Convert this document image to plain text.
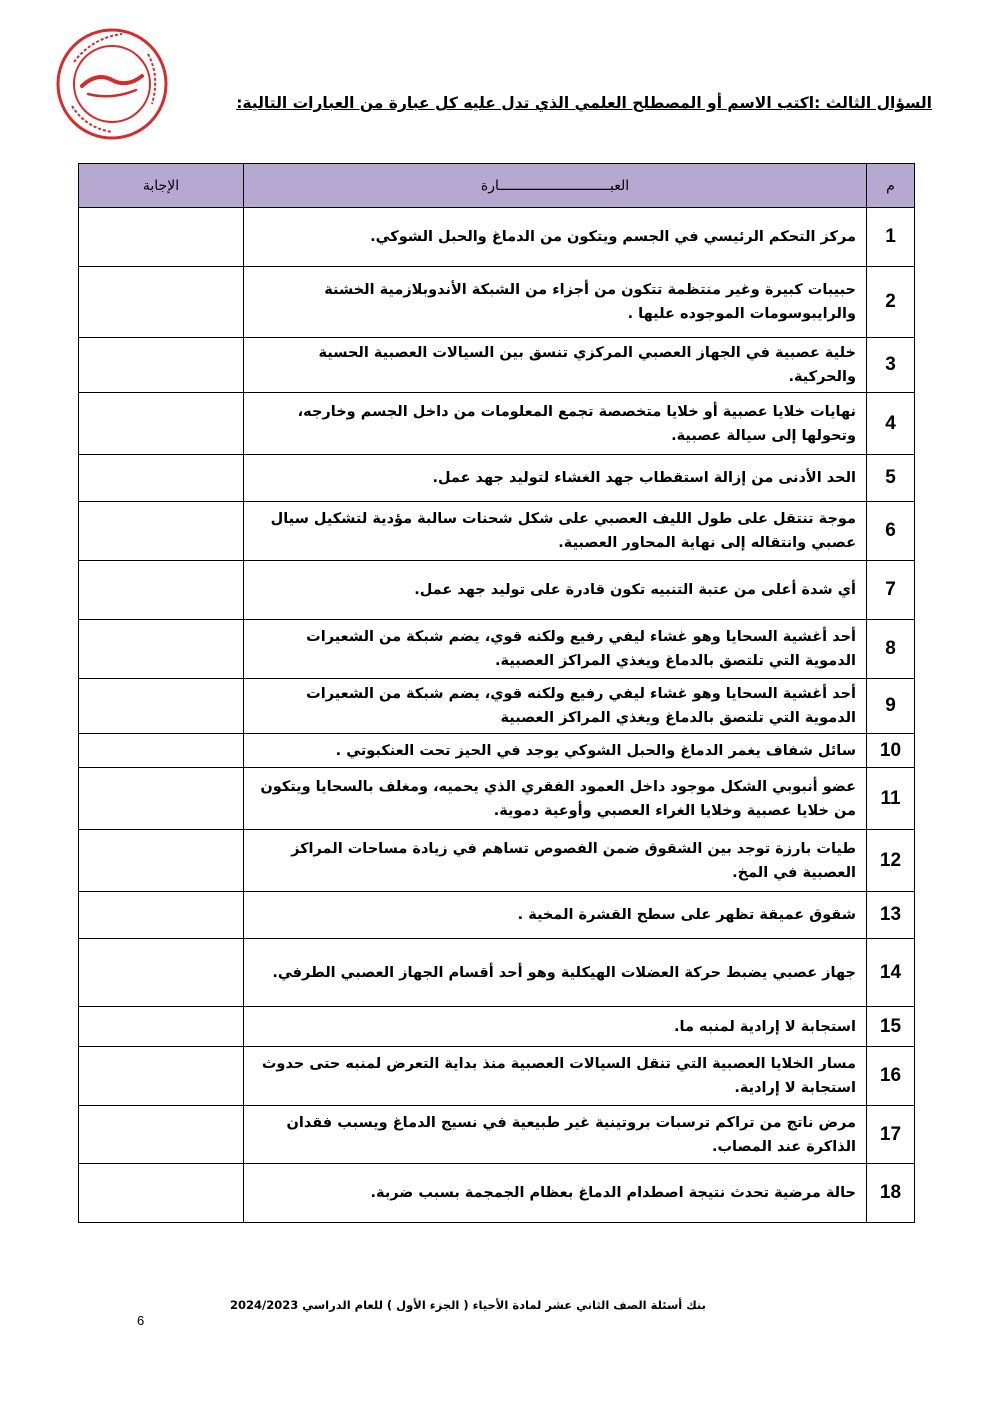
السؤال الثالث :اكتب الاسم أو المصطلح العلمي الذي تدل عليه كل عبارة من العبارات التالية:
م	العبـــــــــــــــــــــــــــارة	الإجابة
1	مركز التحكم الرئيسي في الجسم ويتكون من الدماغ والحبل الشوكي.	
2	حبيبات كبيرة وغير منتظمة تتكون من أجزاء من الشبكة الأندوبلازمية الخشنة والرايبوسومات الموجوده عليها .	
3	خلية عصبية في الجهاز العصبي المركزي تنسق بين السيالات العصبية الحسية والحركية.	
4	نهايات خلايا عصبية أو خلايا متخصصة تجمع المعلومات من داخل الجسم وخارجه، وتحولها إلى سيالة عصبية.	
5	الحد الأدنى من إزالة استقطاب جهد الغشاء لتوليد جهد عمل.	
6	موجة تنتقل على طول الليف العصبي على شكل شحنات سالبة مؤدية لتشكيل سيال عصبي وانتقاله إلى نهاية المحاور العصبية.	
7	أي شدة أعلى من عتبة التنبيه تكون قادرة على توليد جهد عمل.	
8	أحد أغشية السحايا وهو غشاء ليفي رفيع ولكنه قوي، يضم شبكة من الشعيرات الدموية التي تلتصق بالدماغ ويغذي المراكز العصبية.	
9	أحد أغشية السحايا وهو غشاء ليفي رفيع ولكنه قوي، يضم شبكة من الشعيرات الدموية التي تلتصق بالدماغ ويغذي المراكز العصبية	
10	سائل شفاف يغمر الدماغ والحبل الشوكي يوجد في الحيز تحت العنكبوتي .	
11	عضو أنبوبي الشكل موجود داخل العمود الفقري الذي يحميه، ومغلف بالسحايا ويتكون من خلايا عصبية وخلايا الغراء العصبي وأوعية دموية.	
12	طيات بارزة توجد بين الشقوق ضمن الفصوص تساهم في زيادة مساحات المراكز العصبية في المخ.	
13	شقوق عميقة تظهر على سطح القشرة المخية .	
14	جهاز عصبي يضبط حركة العضلات الهيكلية وهو أحد أقسام الجهاز العصبي الطرفي.	
15	استجابة لا إرادية لمنبه ما.	
16	مسار الخلايا العصبية التي تنقل السيالات العصبية منذ بداية التعرض لمنبه حتى حدوث استجابة لا إرادية.	
17	مرض ناتج من تراكم ترسبات بروتينية غير طبيعية في نسيج الدماغ ويسبب فقدان الذاكرة عند المصاب.	
18	حالة مرضية تحدث نتيجة اصطدام الدماغ بعظام الجمجمة بسبب ضربة.	
بنك أسئلة الصف الثاني عشر لمادة الأحياء ( الجزء الأول ) للعام الدراسي 2024/2023
6
